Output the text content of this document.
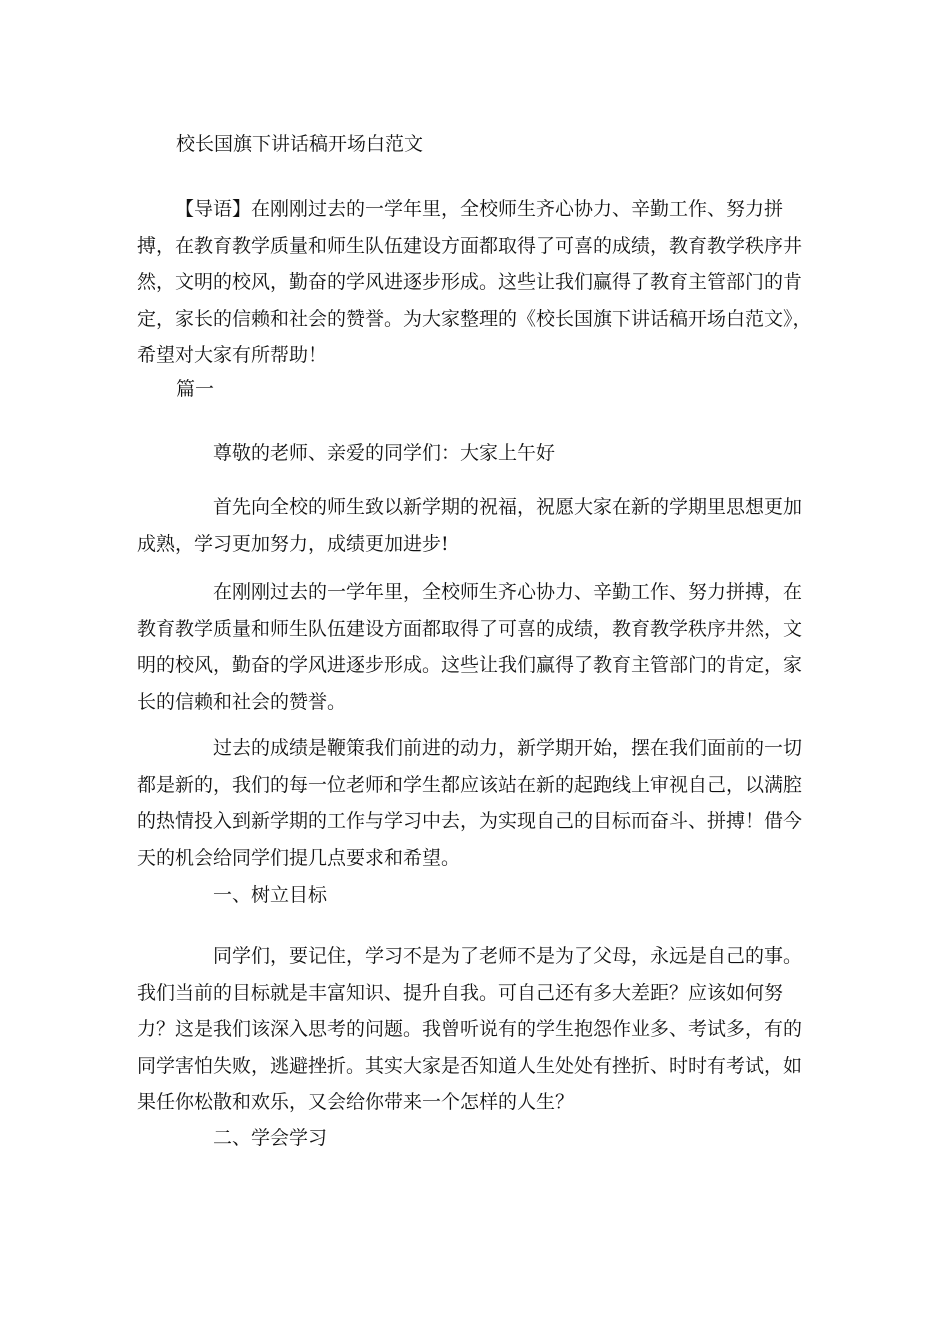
校长国旗下讲话稿开场白范文
【导语】在刚刚过去的一学年里，全校师生齐心协力、辛勤工作、努力拼搏，在教育教学质量和师生队伍建设方面都取得了可喜的成绩，教育教学秩序井然，文明的校风，勤奋的学风进逐步形成。这些让我们赢得了教育主管部门的肯定，家长的信赖和社会的赞誉。为大家整理的《校长国旗下讲话稿开场白范文》，希望对大家有所帮助！
篇一
尊敬的老师、亲爱的同学们：大家上午好
首先向全校的师生致以新学期的祝福，祝愿大家在新的学期里思想更加成熟，学习更加努力，成绩更加进步!
在刚刚过去的一学年里，全校师生齐心协力、辛勤工作、努力拼搏，在教育教学质量和师生队伍建设方面都取得了可喜的成绩，教育教学秩序井然，文明的校风，勤奋的学风进逐步形成。这些让我们赢得了教育主管部门的肯定，家长的信赖和社会的赞誉。
过去的成绩是鞭策我们前进的动力，新学期开始，摆在我们面前的一切都是新的，我们的每一位老师和学生都应该站在新的起跑线上审视自己，以满腔的热情投入到新学期的工作与学习中去，为实现自己的目标而奋斗、拼搏！借今天的机会给同学们提几点要求和希望。
一、树立目标
同学们，要记住，学习不是为了老师不是为了父母，永远是自己的事。我们当前的目标就是丰富知识、提升自我。可自己还有多大差距？应该如何努力？这是我们该深入思考的问题。我曾听说有的学生抱怨作业多、考试多，有的同学害怕失败，逃避挫折。其实大家是否知道人生处处有挫折、时时有考试，如果任你松散和欢乐，又会给你带来一个怎样的人生？
二、学会学习
